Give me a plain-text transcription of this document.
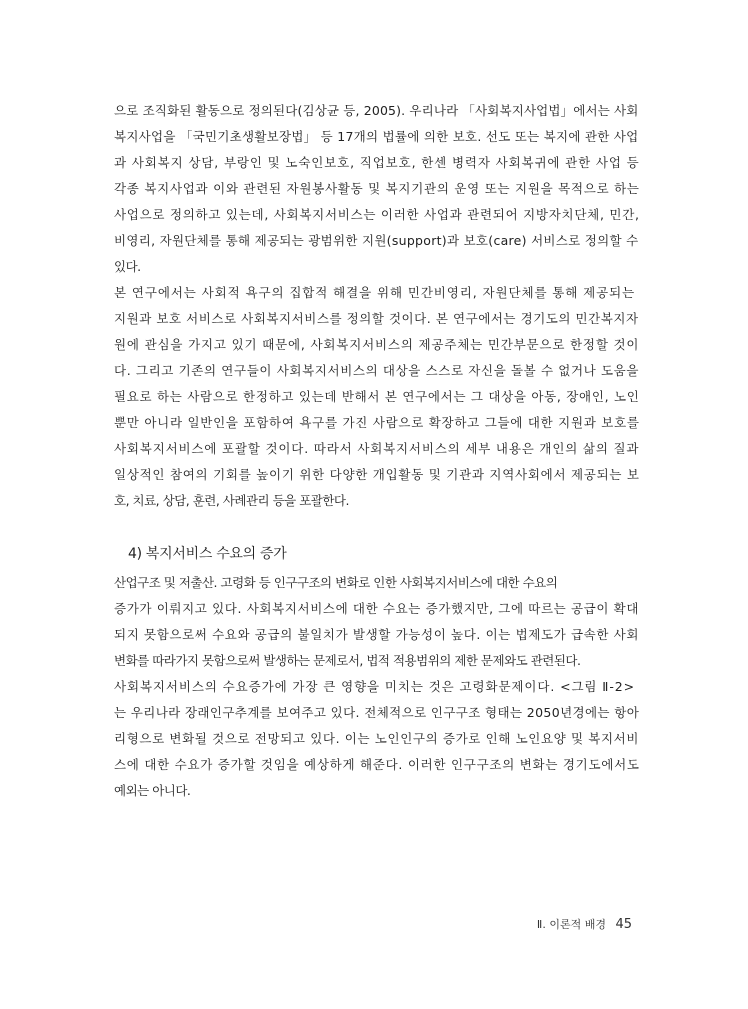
으로 조직화된 활동으로 정의된다(김상균 등, 2005). 우리나라 「사회복지사업법」에서는 사회
복지사업을 「국민기초생활보장법」 등 17개의 법률에 의한 보호. 선도 또는 복지에 관한 사업
과 사회복지 상담, 부랑인 및 노숙인보호, 직업보호, 한센 병력자 사회복귀에 관한 사업 등
각종 복지사업과 이와 관련된 자원봉사활동 및 복지기관의 운영 또는 지원을 목적으로 하는
사업으로 정의하고 있는데, 사회복지서비스는 이러한 사업과 관련되어 지방자치단체, 민간,
비영리, 자원단체를 통해 제공되는 광범위한 지원(support)과 보호(care) 서비스로 정의할 수
있다.

본 연구에서는 사회적 욕구의 집합적 해결을 위해 민간비영리, 자원단체를 통해 제공되는
지원과 보호 서비스로 사회복지서비스를 정의할 것이다. 본 연구에서는 경기도의 민간복지자
원에 관심을 가지고 있기 때문에, 사회복지서비스의 제공주체는 민간부문으로 한정할 것이
다. 그리고 기존의 연구들이 사회복지서비스의 대상을 스스로 자신을 돌볼 수 없거나 도움을
필요로 하는 사람으로 한정하고 있는데 반해서 본 연구에서는 그 대상을 아동, 장애인, 노인
뿐만 아니라 일반인을 포함하여 욕구를 가진 사람으로 확장하고 그들에 대한 지원과 보호를
사회복지서비스에 포괄할 것이다. 따라서 사회복지서비스의 세부 내용은 개인의 삶의 질과
일상적인 참여의 기회를 높이기 위한 다양한 개입활동 및 기관과 지역사회에서 제공되는 보
호, 치료, 상담, 훈련, 사례관리 등을 포괄한다.

4) 복지서비스 수요의 증가

산업구조 및 저출산. 고령화 등 인구구조의 변화로 인한 사회복지서비스에 대한 수요의
증가가 이뤄지고 있다. 사회복지서비스에 대한 수요는 증가했지만, 그에 따르는 공급이 확대
되지 못함으로써 수요와 공급의 불일치가 발생할 가능성이 높다. 이는 법제도가 급속한 사회
변화를 따라가지 못함으로써 발생하는 문제로서, 법적 적용범위의 제한 문제와도 관련된다.

사회복지서비스의 수요증가에 가장 큰 영향을 미치는 것은 고령화문제이다. <그림 Ⅱ-2>
는 우리나라 장래인구추계를 보여주고 있다. 전체적으로 인구구조 형태는 2050년경에는 항아
리형으로 변화될 것으로 전망되고 있다. 이는 노인인구의 증가로 인해 노인요양 및 복지서비
스에 대한 수요가 증가할 것임을 예상하게 해준다. 이러한 인구구조의 변화는 경기도에서도
예외는 아니다.

Ⅱ. 이론적 배경 45
